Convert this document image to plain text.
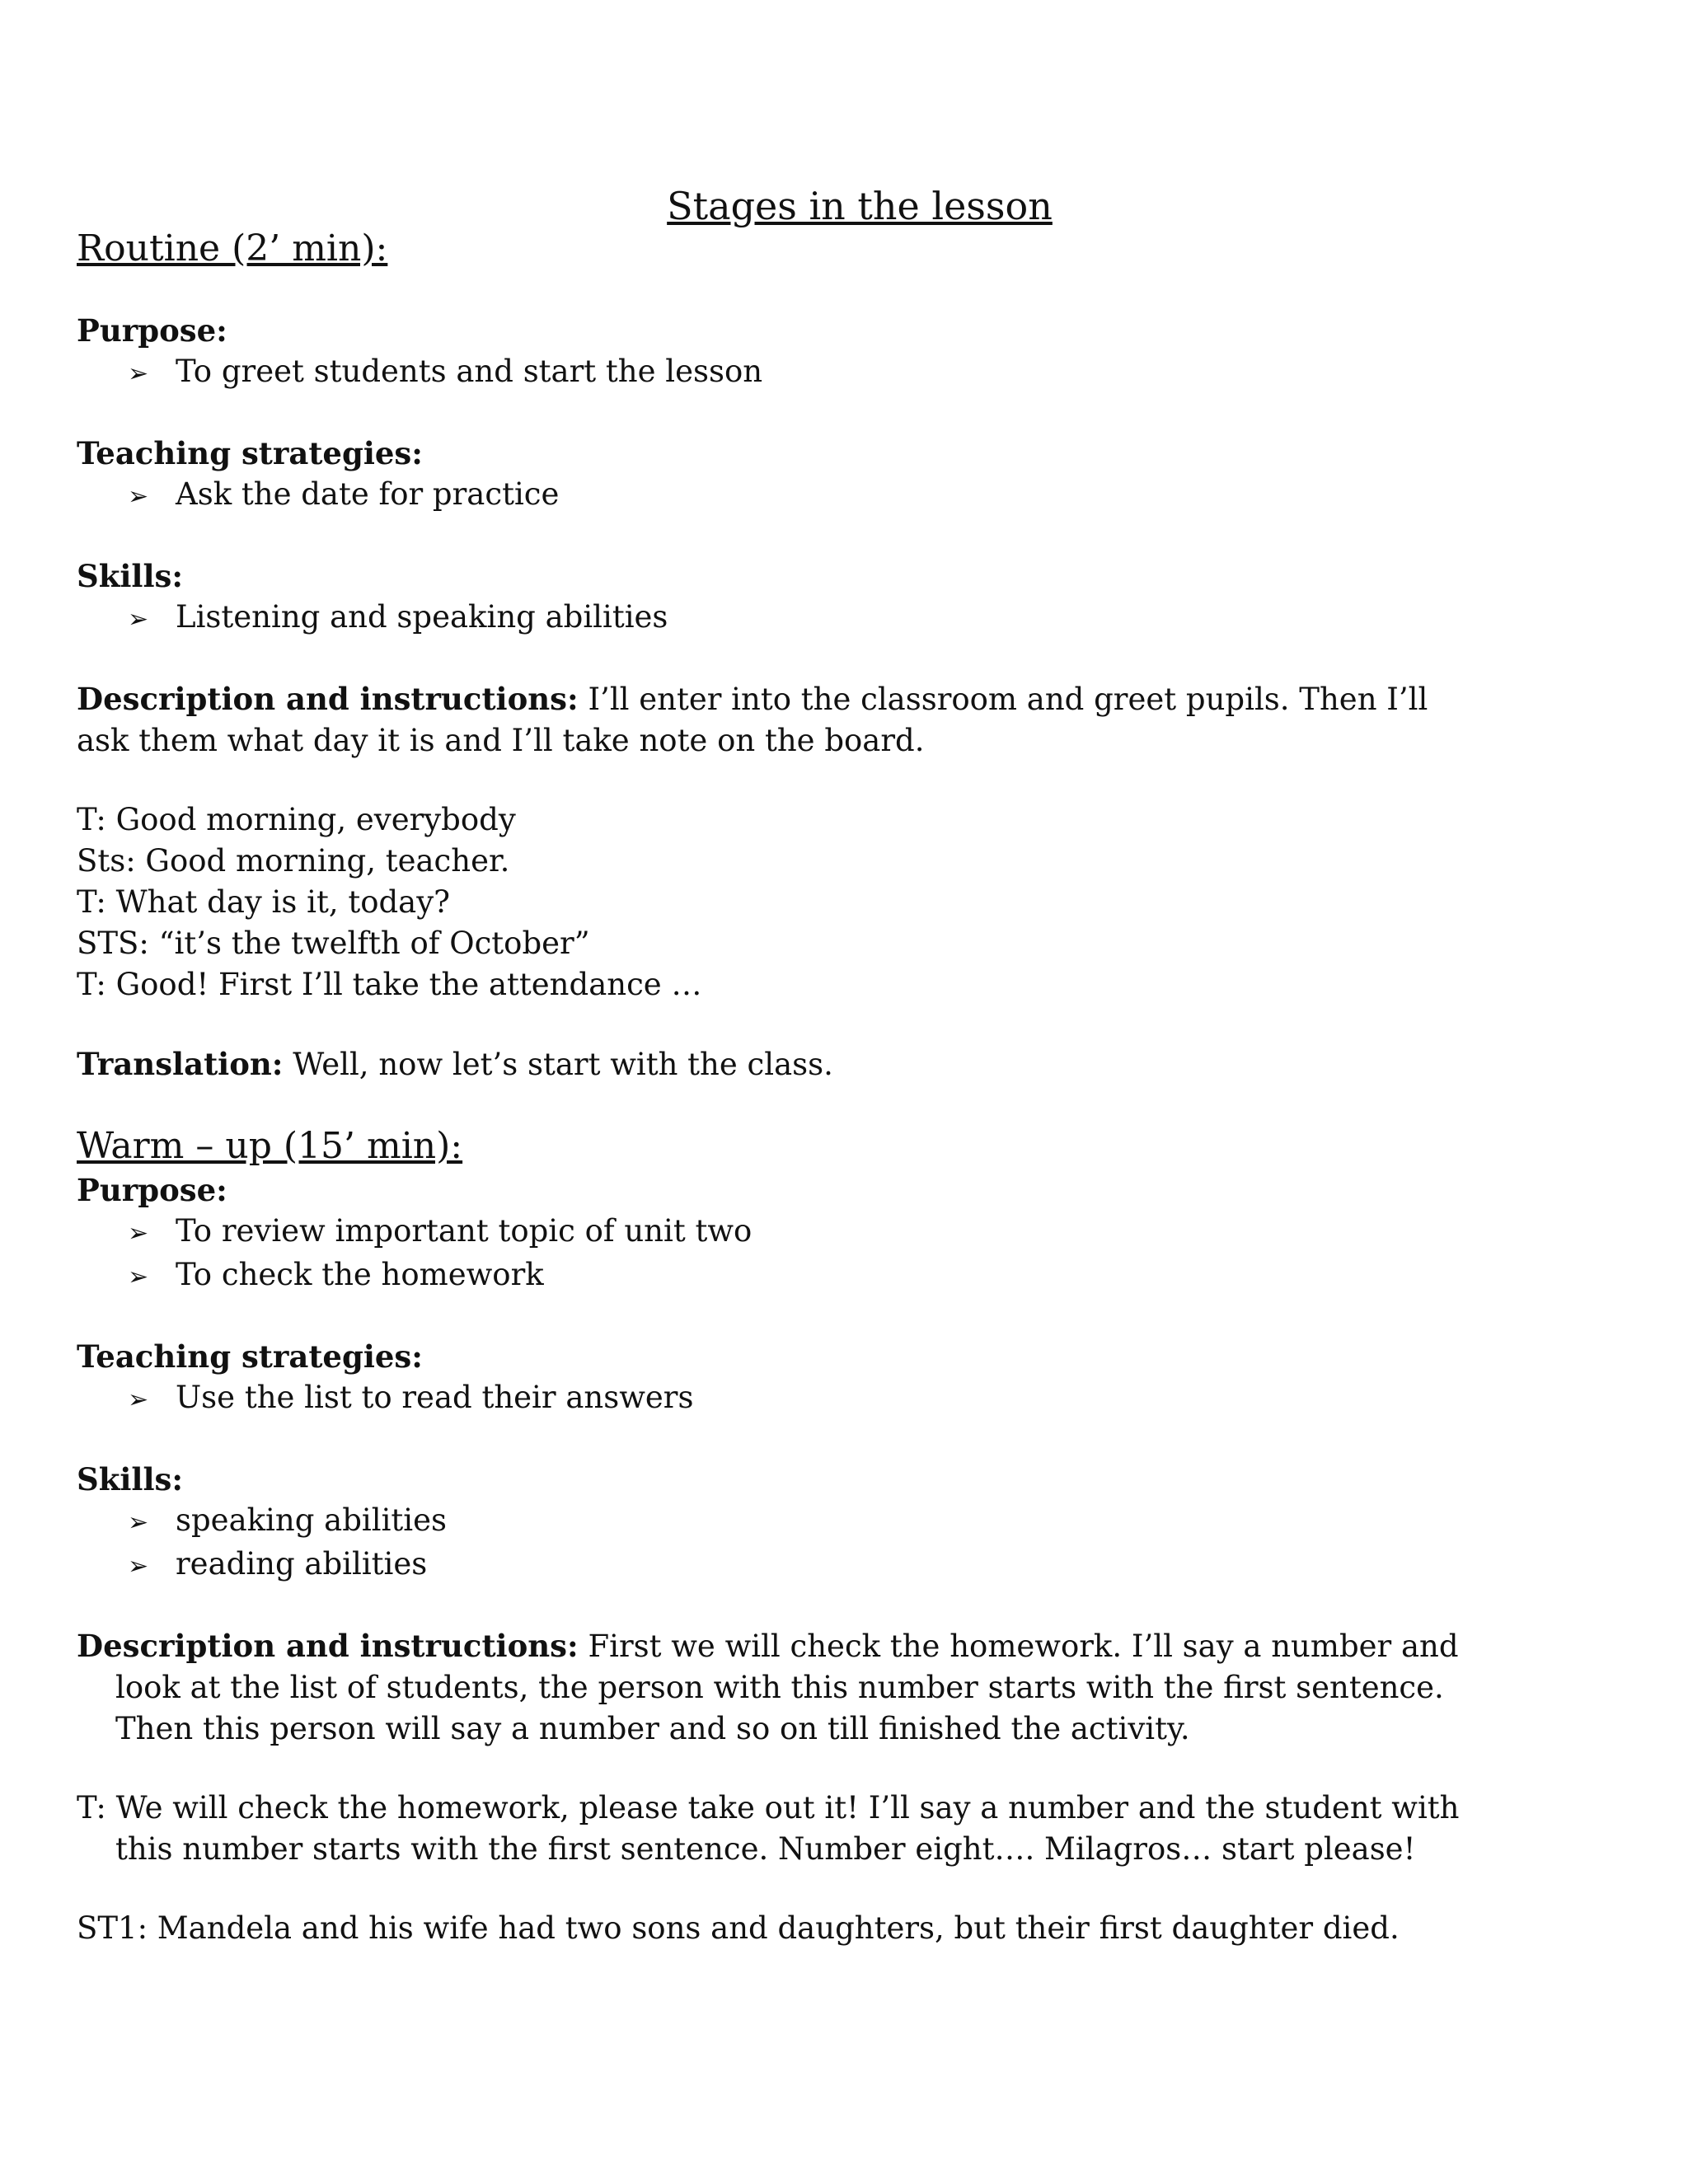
Stages in the lesson

Routine (2’ min):

Purpose:

➢ To greet students and start the lesson

Teaching strategies:

➢ Ask the date for practice

Skills:

➢ Listening and speaking abilities

Description and instructions: I’ll enter into the classroom and greet pupils. Then I’ll ask them what day it is and I’ll take note on the board.

T: Good morning, everybody

Sts: Good morning, teacher.

T: What day is it, today?

STS: “it’s the twelfth of October”

T: Good! First I’ll take the attendance …

Translation: Well, now let’s start with the class.

Warm – up (15’ min):

Purpose:

➢ To review important topic of unit two
➢ To check the homework

Teaching strategies:

➢ Use the list to read their answers

Skills:

➢ speaking abilities
➢ reading abilities

Description and instructions: First we will check the homework. I’ll say a number and look at the list of students, the person with this number starts with the first sentence. Then this person will say a number and so on till finished the activity.

T: We will check the homework, please take out it! I’ll say a number and the student with this number starts with the first sentence. Number eight…. Milagros… start please!

ST1: Mandela and his wife had two sons and daughters, but their first daughter died.
